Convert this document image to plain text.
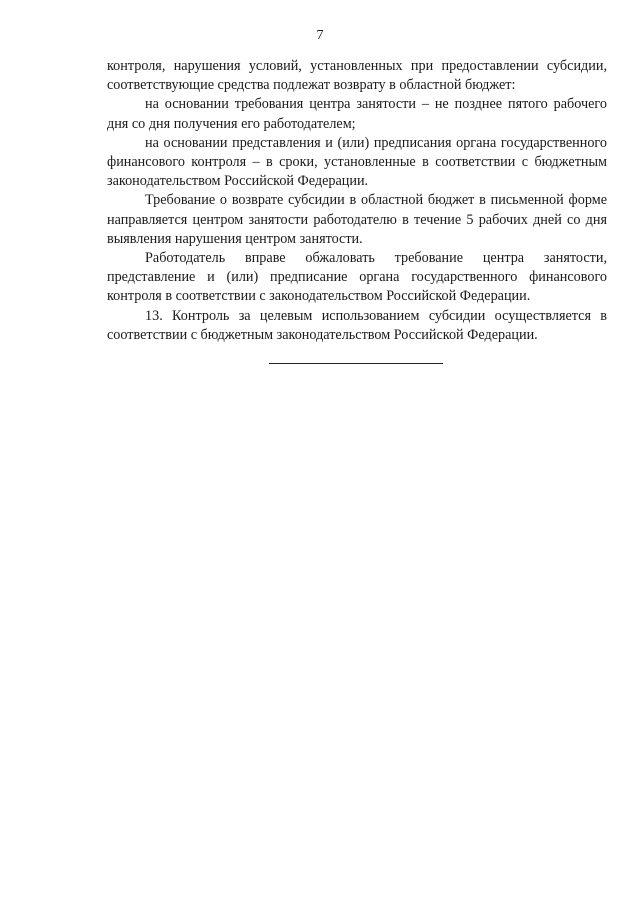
7

контроля, нарушения условий, установленных при предоставлении субсидии, соответствующие средства подлежат возврату в областной бюджет:

на основании требования центра занятости – не позднее пятого рабочего дня со дня получения его работодателем;

на основании представления и (или) предписания органа государственного финансового контроля – в сроки, установленные в соответствии с бюджетным законодательством Российской Федерации.

Требование о возврате субсидии в областной бюджет в письменной форме направляется центром занятости работодателю в течение 5 рабочих дней со дня выявления нарушения центром занятости.

Работодатель вправе обжаловать требование центра занятости, представление и (или) предписание органа государственного финансового контроля в соответствии с законодательством Российской Федерации.

13. Контроль за целевым использованием субсидии осуществляется в соответствии с бюджетным законодательством Российской Федерации.
